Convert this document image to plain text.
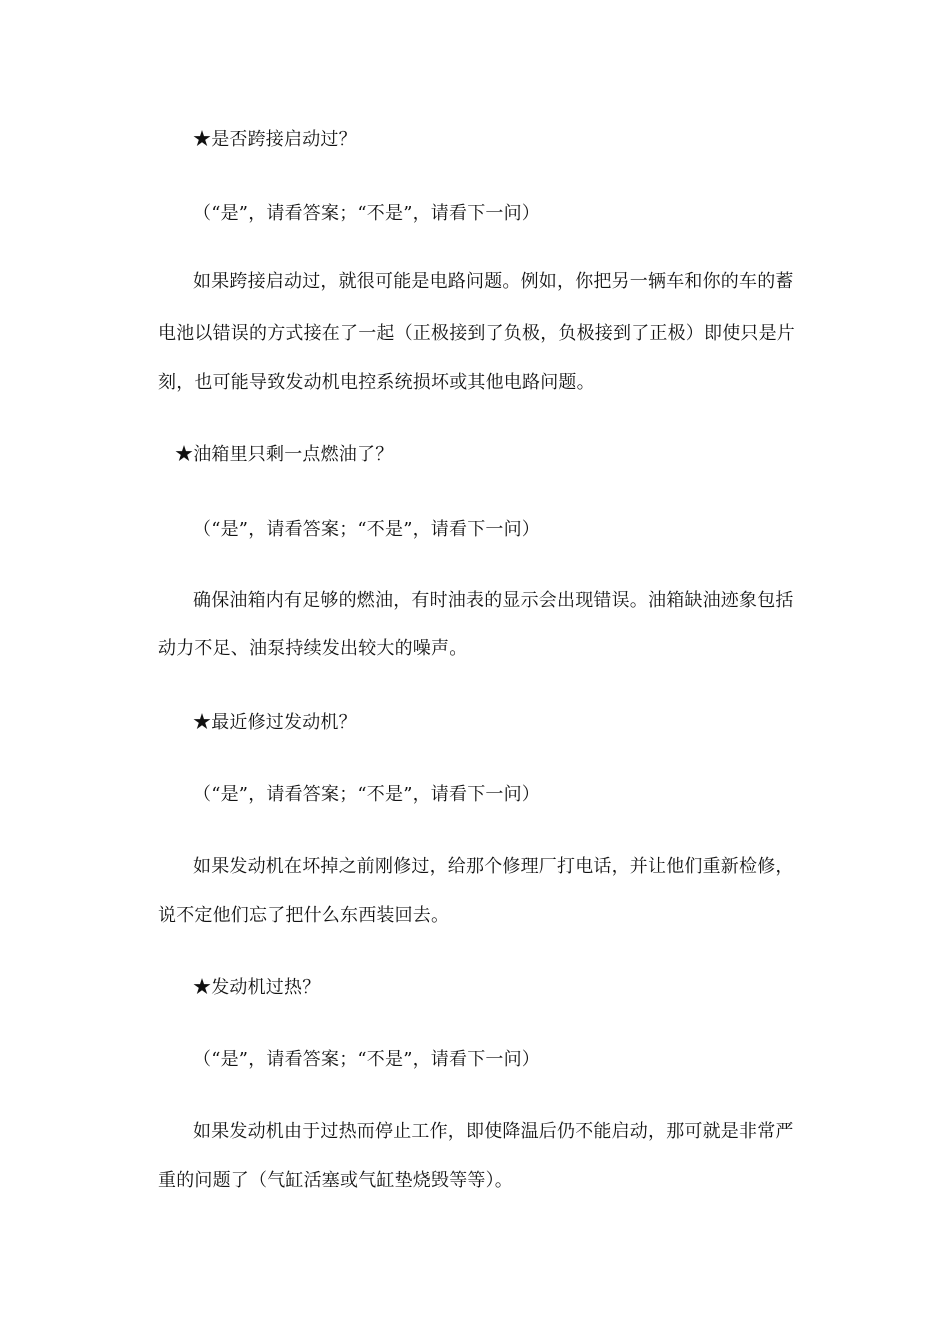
★是否跨接启动过？
（“是”，请看答案；“不是”，请看下一问）
如果跨接启动过，就很可能是电路问题。例如，你把另一辆车和你的车的蓄
电池以错误的方式接在了一起（正极接到了负极，负极接到了正极）即使只是片
刻，也可能导致发动机电控系统损坏或其他电路问题。
★油箱里只剩一点燃油了？
（“是”，请看答案；“不是”，请看下一问）
确保油箱内有足够的燃油，有时油表的显示会出现错误。油箱缺油迹象包括
动力不足、油泵持续发出较大的噪声。
★最近修过发动机？
（“是”，请看答案；“不是”，请看下一问）
如果发动机在坏掉之前刚修过，给那个修理厂打电话，并让他们重新检修，
说不定他们忘了把什么东西装回去。
★发动机过热？
（“是”，请看答案；“不是”，请看下一问）
如果发动机由于过热而停止工作，即使降温后仍不能启动，那可就是非常严
重的问题了（气缸活塞或气缸垫烧毁等等）。
